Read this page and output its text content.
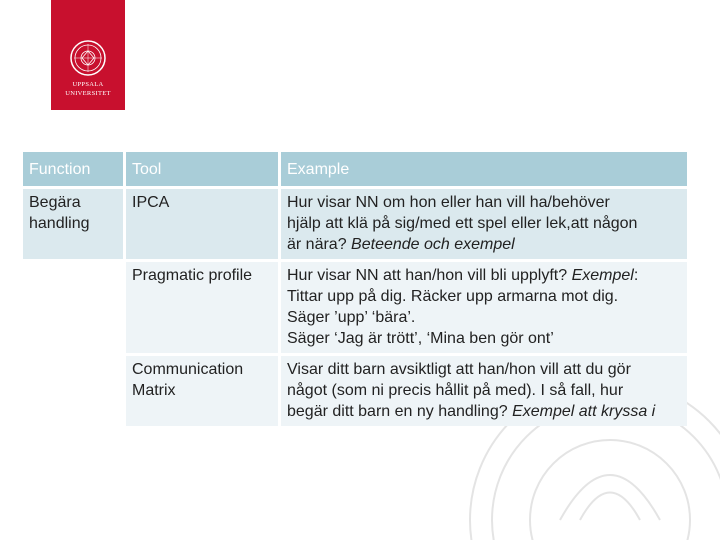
UPPSALA
UNIVERSITET
Function	Tool	Example
Begära handling	IPCA	Hur visar NN om hon eller han vill ha/behöver
hjälp att klä på sig/med ett spel eller lek,att någon
är nära? Beteende och exempel

	Pragmatic profile	Hur visar NN att han/hon vill bli upplyft? Exempel:
Tittar upp på dig. Räcker upp armarna mot dig.
Säger ’upp’ ‘bära’.
Säger ‘Jag är trött’, ‘Mina ben gör ont’

	Communication Matrix	Visar ditt barn avsiktligt att han/hon vill att du gör
något (som ni precis hållit på med). I så fall, hur
begär ditt barn en ny handling? Exempel att kryssa i
